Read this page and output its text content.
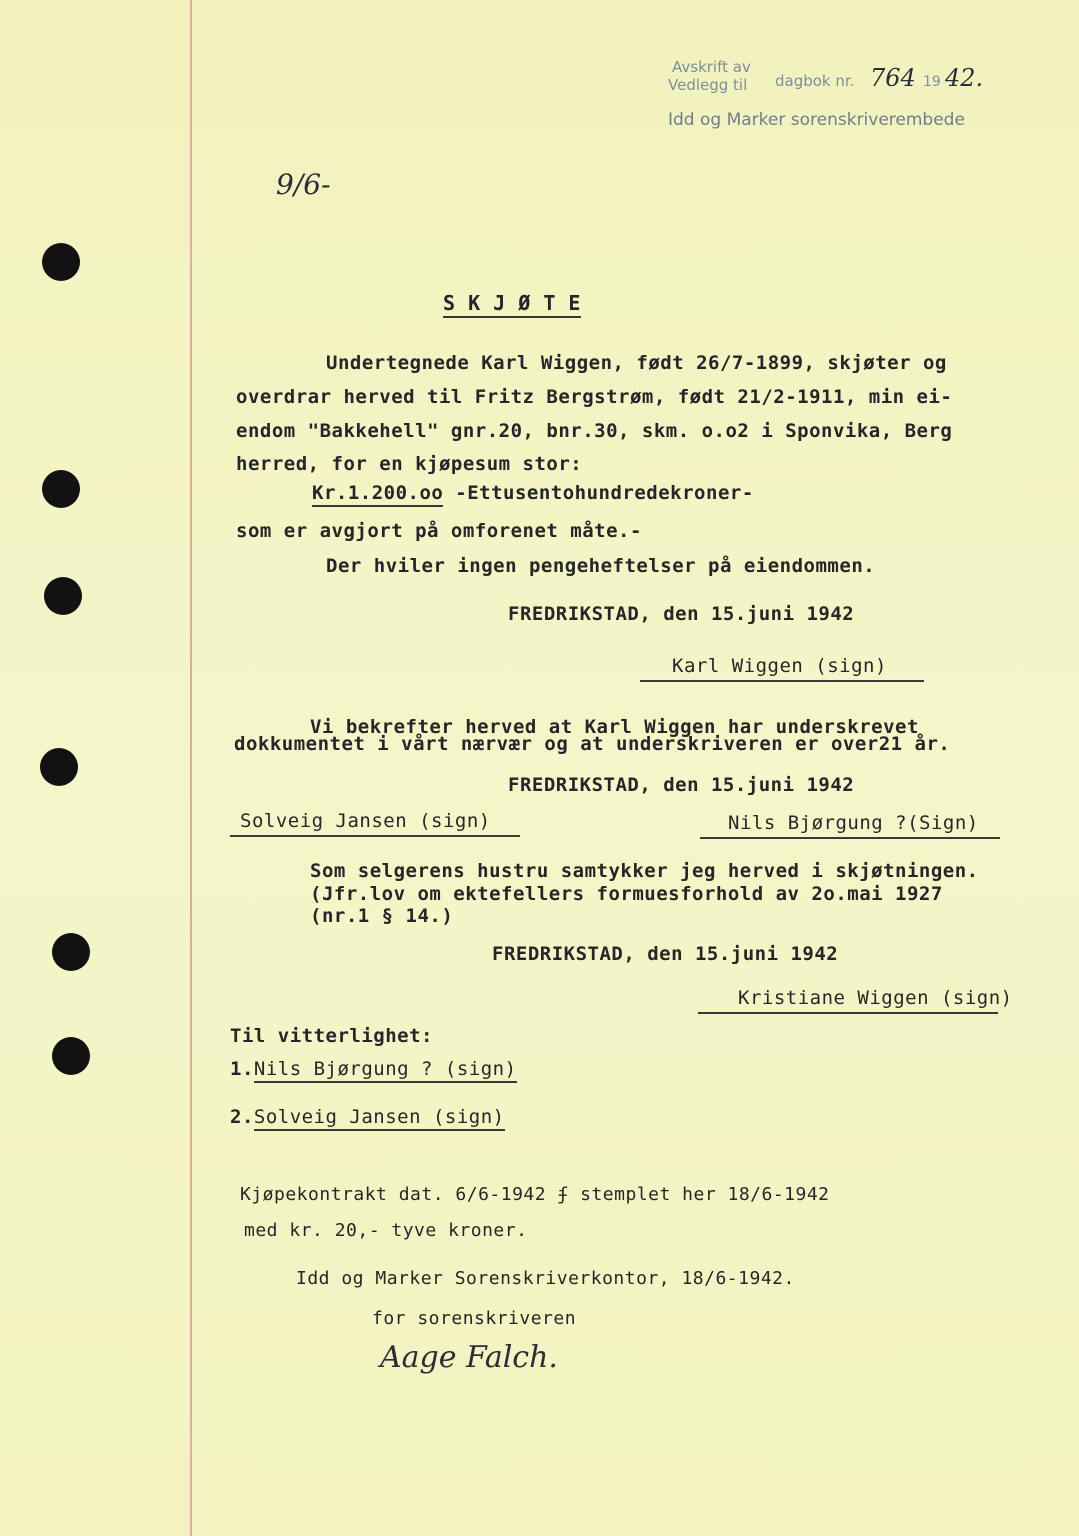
Avskrift av
Vedlegg til dagbok nr. 764 19 42.
Idd og Marker sorenskriverembede
9/6-
S K J Ø T E
Undertegnede Karl Wiggen, født 26/7-1899, skjøter og
overdrar herved til Fritz Bergstrøm, født 21/2-1911, min ei-
endom "Bakkehell" gnr.20, bnr.30, skm. o.o2 i Sponvika, Berg
herred, for en kjøpesum stor:
Kr.1.200.oo -Ettusentohundredekroner-
som er avgjort på omforenet måte.-
Der hviler ingen pengeheftelser på eiendommen.
FREDRIKSTAD, den 15.juni 1942
Karl Wiggen (sign)
Vi bekrefter herved at Karl Wiggen har underskrevet
dokkumentet i vårt nærvær og at underskriveren er over21 år.
FREDRIKSTAD, den 15.juni 1942
Solveig Jansen (sign)	Nils Bjørgung ?(Sign)
Som selgerens hustru samtykker jeg herved i skjøtningen.
(Jfr.lov om ektefellers formuesforhold av 2o.mai 1927
(nr.1 § 14.)
FREDRIKSTAD, den 15.juni 1942
Kristiane Wiggen (sign)
Til vitterlighet:
1.Nils Bjørgung ? (sign)
2.Solveig Jansen (sign)
Kjøpekontrakt dat. 6/6-1942 ʄ stemplet her 18/6-1942
med kr. 20,- tyve kroner.
Idd og Marker Sorenskriverkontor, 18/6-1942.
for sorenskriveren
Aage Falch.
